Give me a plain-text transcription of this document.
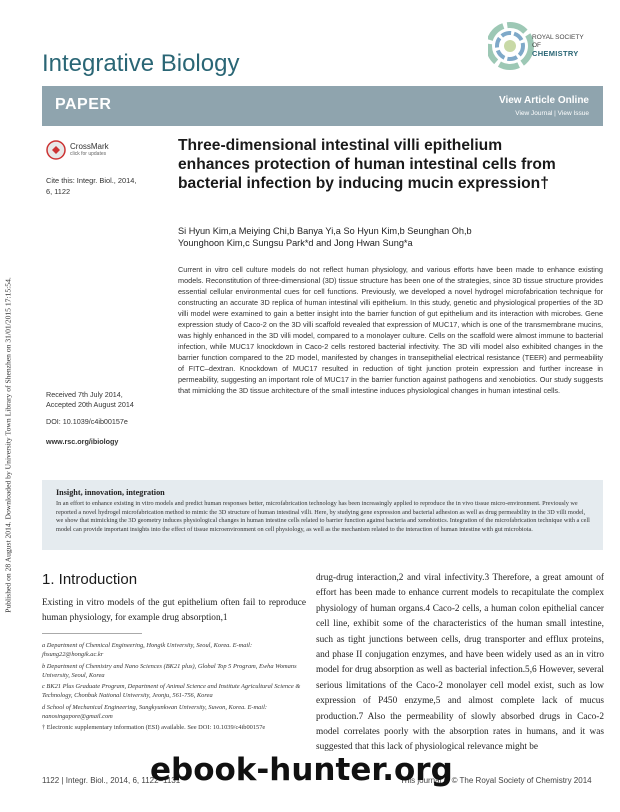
Published on 28 August 2014. Downloaded by University Town Library of Shenzhen on 31/01/2015 17:15:54.
Integrative Biology
ROYAL SOCIETY
OF
CHEMISTRY
PAPER	View Article Online
View Journal | View Issue
CrossMark
click for updates
Cite this: Integr. Biol., 2014,
6, 1122
Three-dimensional intestinal villi epithelium enhances protection of human intestinal cells from bacterial infection by inducing mucin expression†
Si Hyun Kim,a Meiying Chi,b Banya Yi,a So Hyun Kim,b Seunghan Oh,b
Younghoon Kim,c Sungsu Park*d and Jong Hwan Sung*a
Current in vitro cell culture models do not reflect human physiology, and various efforts have been made to enhance existing models. Reconstitution of three-dimensional (3D) tissue structure has been one of the strategies, since 3D tissue structure provides essential cellular environmental cues for cell functions. Previously, we developed a novel hydrogel microfabrication technique for constructing an accurate 3D replica of human intestinal villi epithelium. In this study, genetic and physiological properties of the 3D villi model were examined to gain a better insight into the barrier function of gut epithelium and its interaction with microbes. Gene expression study of Caco-2 on the 3D villi scaffold revealed that expression of MUC17, which is one of the transmembrane mucins, was highly enhanced in the 3D villi model, compared to a monolayer culture. Cells on the scaffold were almost immune to bacterial infection, while MUC17 knockdown in Caco-2 cells restored bacterial infectivity. The 3D villi model also exhibited changes in the barrier function compared to the 2D model, manifested by changes in transepithelial electrical resistance (TEER) and permeability of FITC–dextran. Knockdown of MUC17 resulted in reduction of tight junction protein expression and further increase in permeability, suggesting an important role of MUC17 in the barrier function against pathogens and xenobiotics. Our study suggests that mimicking the 3D tissue architecture of the small intestine induces physiological changes in human intestinal cells.
Received 7th July 2014,
Accepted 20th August 2014
DOI: 10.1039/c4ib00157e
www.rsc.org/ibiology
Insight, innovation, integration
In an effort to enhance existing in vitro models and predict human responses better, microfabrication technology has been increasingly applied to reproduce the in vivo tissue micro-environment. Previously we reported a novel hydrogel microfabrication method to mimic the 3D structure of human intestinal villi. Here, by studying gene expression and bacterial adhesion as well as drug permeability in the 3D villi model, we show that mimicking the 3D geometry induces physiological changes in human intestine cells related to barrier function against bacteria and xenobiotics. Integration of the microfabrication technique with a cell model can provide important insights into the effect of tissue microenvironment on cell physiology, as well as the mechanism related to the interaction of human intestine with gut microbiota.
1. Introduction
Existing in vitro models of the gut epithelium often fail to reproduce human physiology, for example drug absorption,1
drug-drug interaction,2 and viral infectivity.3 Therefore, a great amount of effort has been made to enhance current models to recapitulate the complex physiology of human organs.4 Caco-2 cells, a human colon epithelial cancer cell line, exhibit some of the characteristics of the human small intestine, such as tight junctions between cells, drug transporter and efflux proteins, and phase II conjugation enzymes, and have been widely used as an in vitro model for drug absorption as well as bacterial infection.5,6 However, several serious limitations of the Caco-2 monolayer cell model exist, such as low expression of P450 enzyme,5 and almost complete lack of mucus production.7 Also the permeability of slowly absorbed drugs in Caco-2 model correlates poorly with the absorption rates in humans, and it was suggested that this lack of physiological relevance might be

a Department of Chemical Engineering, Hongik University, Seoul, Korea. E-mail: jhsung22@hongik.ac.kr

b Department of Chemistry and Nano Sciences (BK21 plus), Global Top 5 Program, Ewha Womans University, Seoul, Korea

c BK21 Plus Graduate Program, Department of Animal Science and Institute Agricultural Science & Technology, Chonbuk National University, Jeonju, 561-756, Korea

d School of Mechanical Engineering, Sungkyunkwan University, Suwon, Korea. E-mail: nanosingapore@gmail.com

† Electronic supplementary information (ESI) available. See DOI: 10.1039/c4ib00157e

1122 | Integr. Biol., 2014, 6, 1122–1131	This journal is © The Royal Society of Chemistry 2014
ebook-hunter.org
